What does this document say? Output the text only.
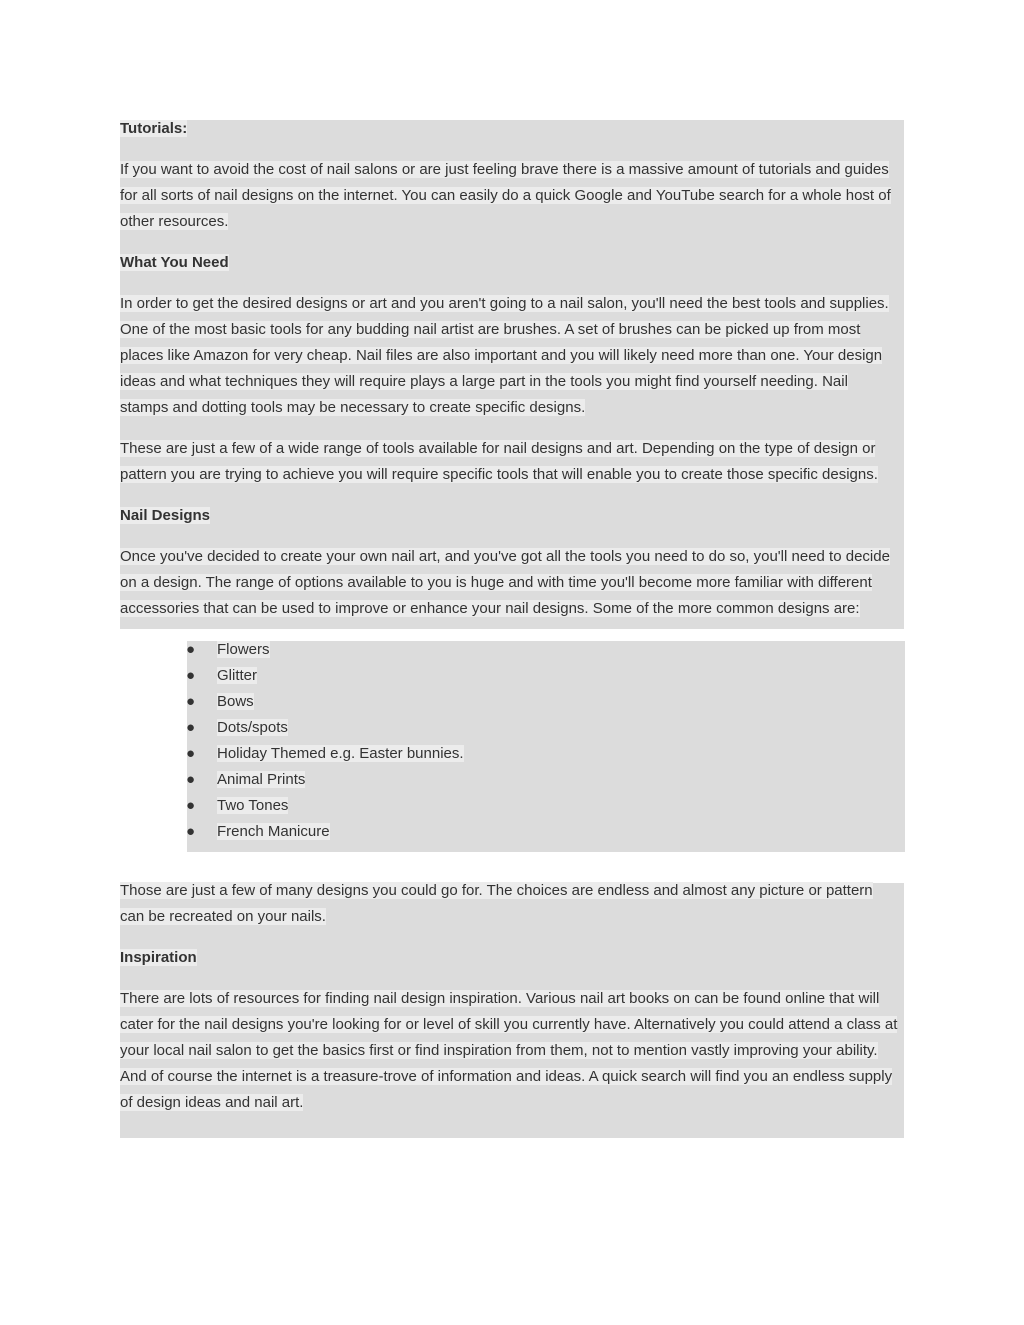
Tutorials:
If you want to avoid the cost of nail salons or are just feeling brave there is a massive amount of tutorials and guides
for all sorts of nail designs on the internet. You can easily do a quick Google and YouTube search for a whole host of
other resources.
What You Need
In order to get the desired designs or art and you aren't going to a nail salon, you'll need the best tools and supplies.
One of the most basic tools for any budding nail artist are brushes. A set of brushes can be picked up from most
places like Amazon for very cheap. Nail files are also important and you will likely need more than one. Your design
ideas and what techniques they will require plays a large part in the tools you might find yourself needing. Nail
stamps and dotting tools may be necessary to create specific designs.
These are just a few of a wide range of tools available for nail designs and art. Depending on the type of design or
pattern you are trying to achieve you will require specific tools that will enable you to create those specific designs.
Nail Designs
Once you've decided to create your own nail art, and you've got all the tools you need to do so, you'll need to decide
on a design. The range of options available to you is huge and with time you'll become more familiar with different
accessories that can be used to improve or enhance your nail designs. Some of the more common designs are:
● Flowers
● Glitter
● Bows
● Dots/spots
● Holiday Themed e.g. Easter bunnies.
● Animal Prints
● Two Tones
● French Manicure
Those are just a few of many designs you could go for. The choices are endless and almost any picture or pattern
can be recreated on your nails.
Inspiration
There are lots of resources for finding nail design inspiration. Various nail art books on can be found online that will
cater for the nail designs you're looking for or level of skill you currently have. Alternatively you could attend a class at
your local nail salon to get the basics first or find inspiration from them, not to mention vastly improving your ability.
And of course the internet is a treasure-trove of information and ideas. A quick search will find you an endless supply
of design ideas and nail art.
